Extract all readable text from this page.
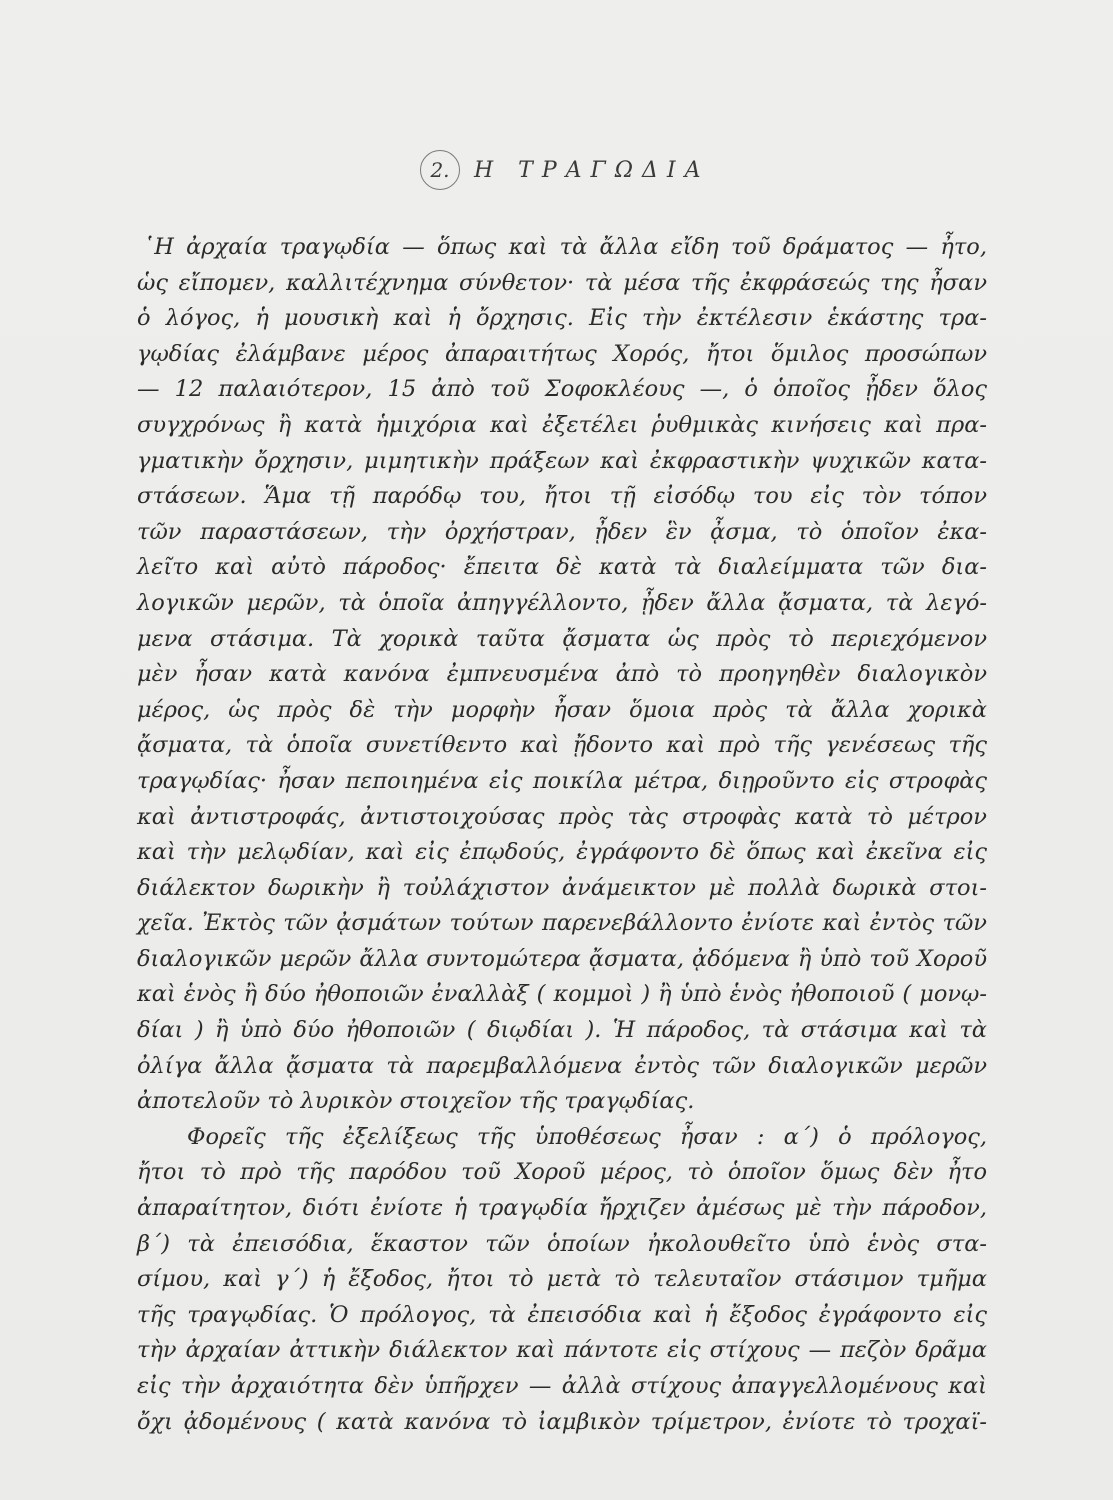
2.	Η ΤΡΑΓΩΔΙΑ

῾Η ἀρχαία τραγῳδία — ὅπως καὶ τὰ ἄλλα εἴδη τοῦ δράματος — ἦτο,

ὡς εἴπομεν, καλλιτέχνημα σύνθετον· τὰ μέσα τῆς ἐκφράσεώς της ἦσαν

ὁ λόγος, ἡ μουσικὴ καὶ ἡ ὄρχησις. Εἰς τὴν ἐκτέλεσιν ἑκάστης τρα-

γῳδίας ἐλάμβανε μέρος ἀπαραιτήτως Χορός, ἤτοι ὅμιλος προσώπων

— 12 παλαιότερον, 15 ἀπὸ τοῦ Σοφοκλέους —, ὁ ὁποῖος ᾖδεν ὅλος

συγχρόνως ἢ κατὰ ἡμιχόρια καὶ ἐξετέλει ῥυθμικὰς κινήσεις καὶ πρα-

γματικὴν ὄρχησιν, μιμητικὴν πράξεων καὶ ἐκφραστικὴν ψυχικῶν κατα-

στάσεων. Ἅμα τῇ παρόδῳ του, ἤτοι τῇ εἰσόδῳ του εἰς τὸν τόπον

τῶν παραστάσεων, τὴν ὀρχήστραν, ᾖδεν ἓν ᾆσμα, τὸ ὁποῖον ἐκα-

λεῖτο καὶ αὐτὸ πάροδος· ἔπειτα δὲ κατὰ τὰ διαλείμματα τῶν δια-

λογικῶν μερῶν, τὰ ὁποῖα ἀπηγγέλλοντο, ᾖδεν ἄλλα ᾄσματα, τὰ λεγό-

μενα στάσιμα. Τὰ χορικὰ ταῦτα ᾄσματα ὡς πρὸς τὸ περιεχόμενον

μὲν ἦσαν κατὰ κανόνα ἐμπνευσμένα ἀπὸ τὸ προηγηθὲν διαλογικὸν

μέρος, ὡς πρὸς δὲ τὴν μορφὴν ἦσαν ὅμοια πρὸς τὰ ἄλλα χορικὰ

ᾄσματα, τὰ ὁποῖα συνετίθεντο καὶ ᾔδοντο καὶ πρὸ τῆς γενέσεως τῆς

τραγῳδίας· ἦσαν πεποιημένα εἰς ποικίλα μέτρα, διῃροῦντο εἰς στροφὰς

καὶ ἀντιστροφάς, ἀντιστοιχούσας πρὸς τὰς στροφὰς κατὰ τὸ μέτρον

καὶ τὴν μελῳδίαν, καὶ εἰς ἐπῳδούς, ἐγράφοντο δὲ ὅπως καὶ ἐκεῖνα εἰς

διάλεκτον δωρικὴν ἢ τοὐλάχιστον ἀνάμεικτον μὲ πολλὰ δωρικὰ στοι-

χεῖα. Ἐκτὸς τῶν ᾀσμάτων τούτων παρενεβάλλοντο ἐνίοτε καὶ ἐντὸς τῶν

διαλογικῶν μερῶν ἄλλα συντομώτερα ᾄσματα, ᾀδόμενα ἢ ὑπὸ τοῦ Χοροῦ

καὶ ἑνὸς ἢ δύο ἠθοποιῶν ἐναλλὰξ ( κομμοὶ ) ἢ ὑπὸ ἑνὸς ἠθοποιοῦ ( μονῳ-

δίαι ) ἢ ὑπὸ δύο ἠθοποιῶν ( διῳδίαι ). Ἡ πάροδος, τὰ στάσιμα καὶ τὰ

ὀλίγα ἄλλα ᾄσματα τὰ παρεμβαλλόμενα ἐντὸς τῶν διαλογικῶν μερῶν

ἀποτελοῦν τὸ λυρικὸν στοιχεῖον τῆς τραγῳδίας.

Φορεῖς τῆς ἐξελίξεως τῆς ὑποθέσεως ἦσαν : α΄) ὁ πρόλογος,

ἤτοι τὸ πρὸ τῆς παρόδου τοῦ Χοροῦ μέρος, τὸ ὁποῖον ὅμως δὲν ἦτο

ἀπαραίτητον, διότι ἐνίοτε ἡ τραγῳδία ἤρχιζεν ἀμέσως μὲ τὴν πάροδον,

β΄) τὰ ἐπεισόδια, ἕκαστον τῶν ὁποίων ἠκολουθεῖτο ὑπὸ ἑνὸς στα-

σίμου, καὶ γ΄) ἡ ἔξοδος, ἤτοι τὸ μετὰ τὸ τελευταῖον στάσιμον τμῆμα

τῆς τραγῳδίας. Ὁ πρόλογος, τὰ ἐπεισόδια καὶ ἡ ἔξοδος ἐγράφοντο εἰς

τὴν ἀρχαίαν ἀττικὴν διάλεκτον καὶ πάντοτε εἰς στίχους — πεζὸν δρᾶμα

εἰς τὴν ἀρχαιότητα δὲν ὑπῆρχεν — ἀλλὰ στίχους ἀπαγγελλομένους καὶ

ὄχι ᾀδομένους ( κατὰ κανόνα τὸ ἰαμβικὸν τρίμετρον, ἐνίοτε τὸ τροχαϊ-
